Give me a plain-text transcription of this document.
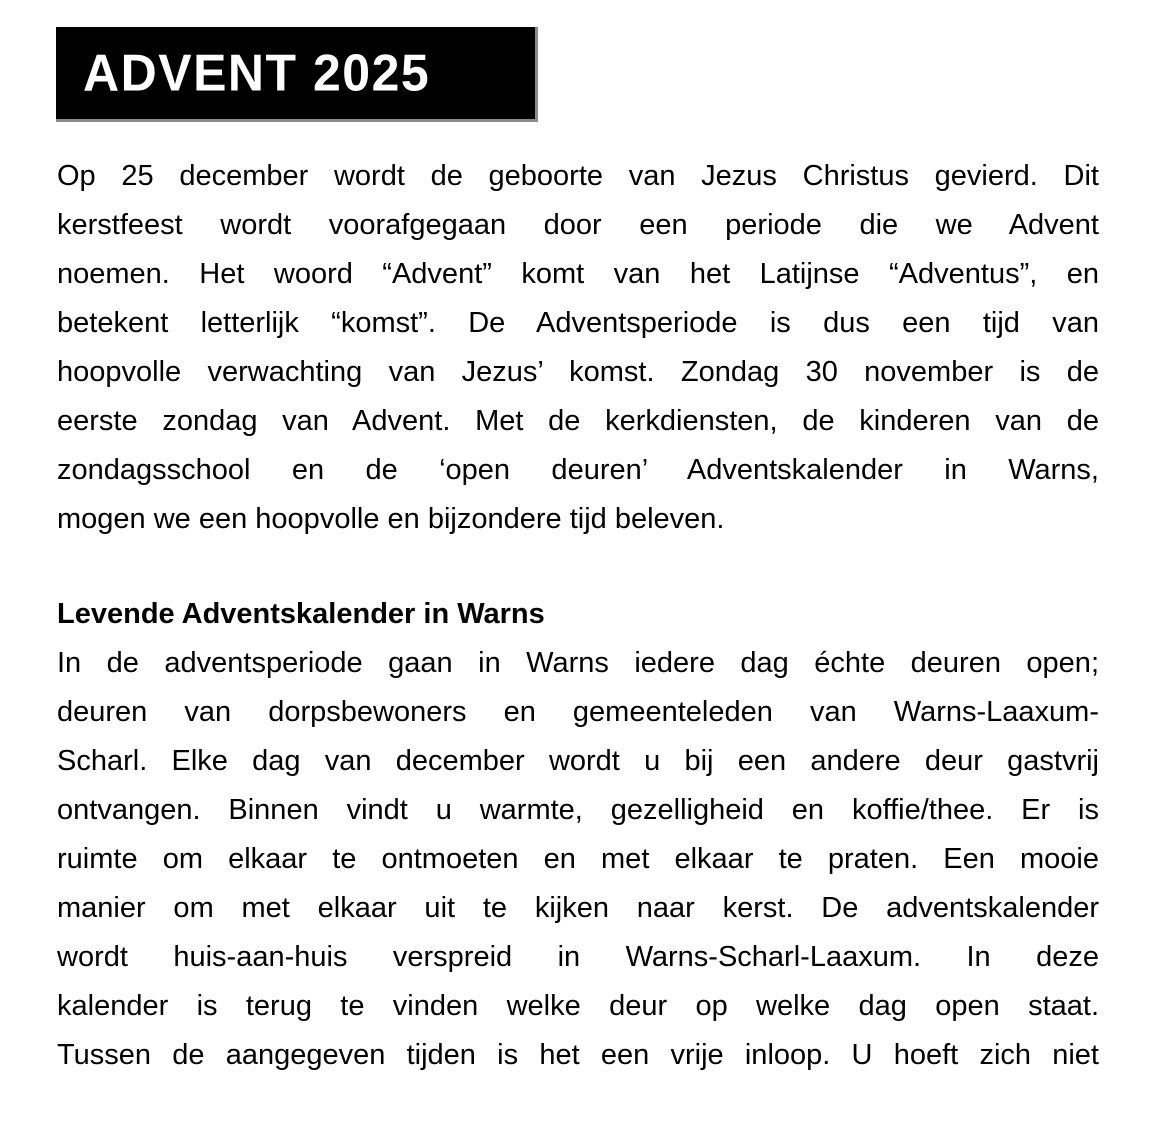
ADVENT 2025
Op 25 december wordt de geboorte van Jezus Christus gevierd. Dit
kerstfeest wordt voorafgegaan door een periode die we Advent
noemen. Het woord “Advent” komt van het Latijnse “Adventus”, en
betekent letterlijk “komst”. De Adventsperiode is dus een tijd van
hoopvolle verwachting van Jezus’ komst. Zondag 30 november is de
eerste zondag van Advent. Met de kerkdiensten, de kinderen van de
zondagsschool en de ‘open deuren’ Adventskalender in Warns,
mogen we een hoopvolle en bijzondere tijd beleven.
Levende Adventskalender in Warns
In de adventsperiode gaan in Warns iedere dag échte deuren open;
deuren van dorpsbewoners en gemeenteleden van Warns-Laaxum-
Scharl. Elke dag van december wordt u bij een andere deur gastvrij
ontvangen. Binnen vindt u warmte, gezelligheid en koffie/thee. Er is
ruimte om elkaar te ontmoeten en met elkaar te praten. Een mooie
manier om met elkaar uit te kijken naar kerst. De adventskalender
wordt huis-aan-huis verspreid in Warns-Scharl-Laaxum. In deze
kalender is terug te vinden welke deur op welke dag open staat.
Tussen de aangegeven tijden is het een vrije inloop. U hoeft zich niet
